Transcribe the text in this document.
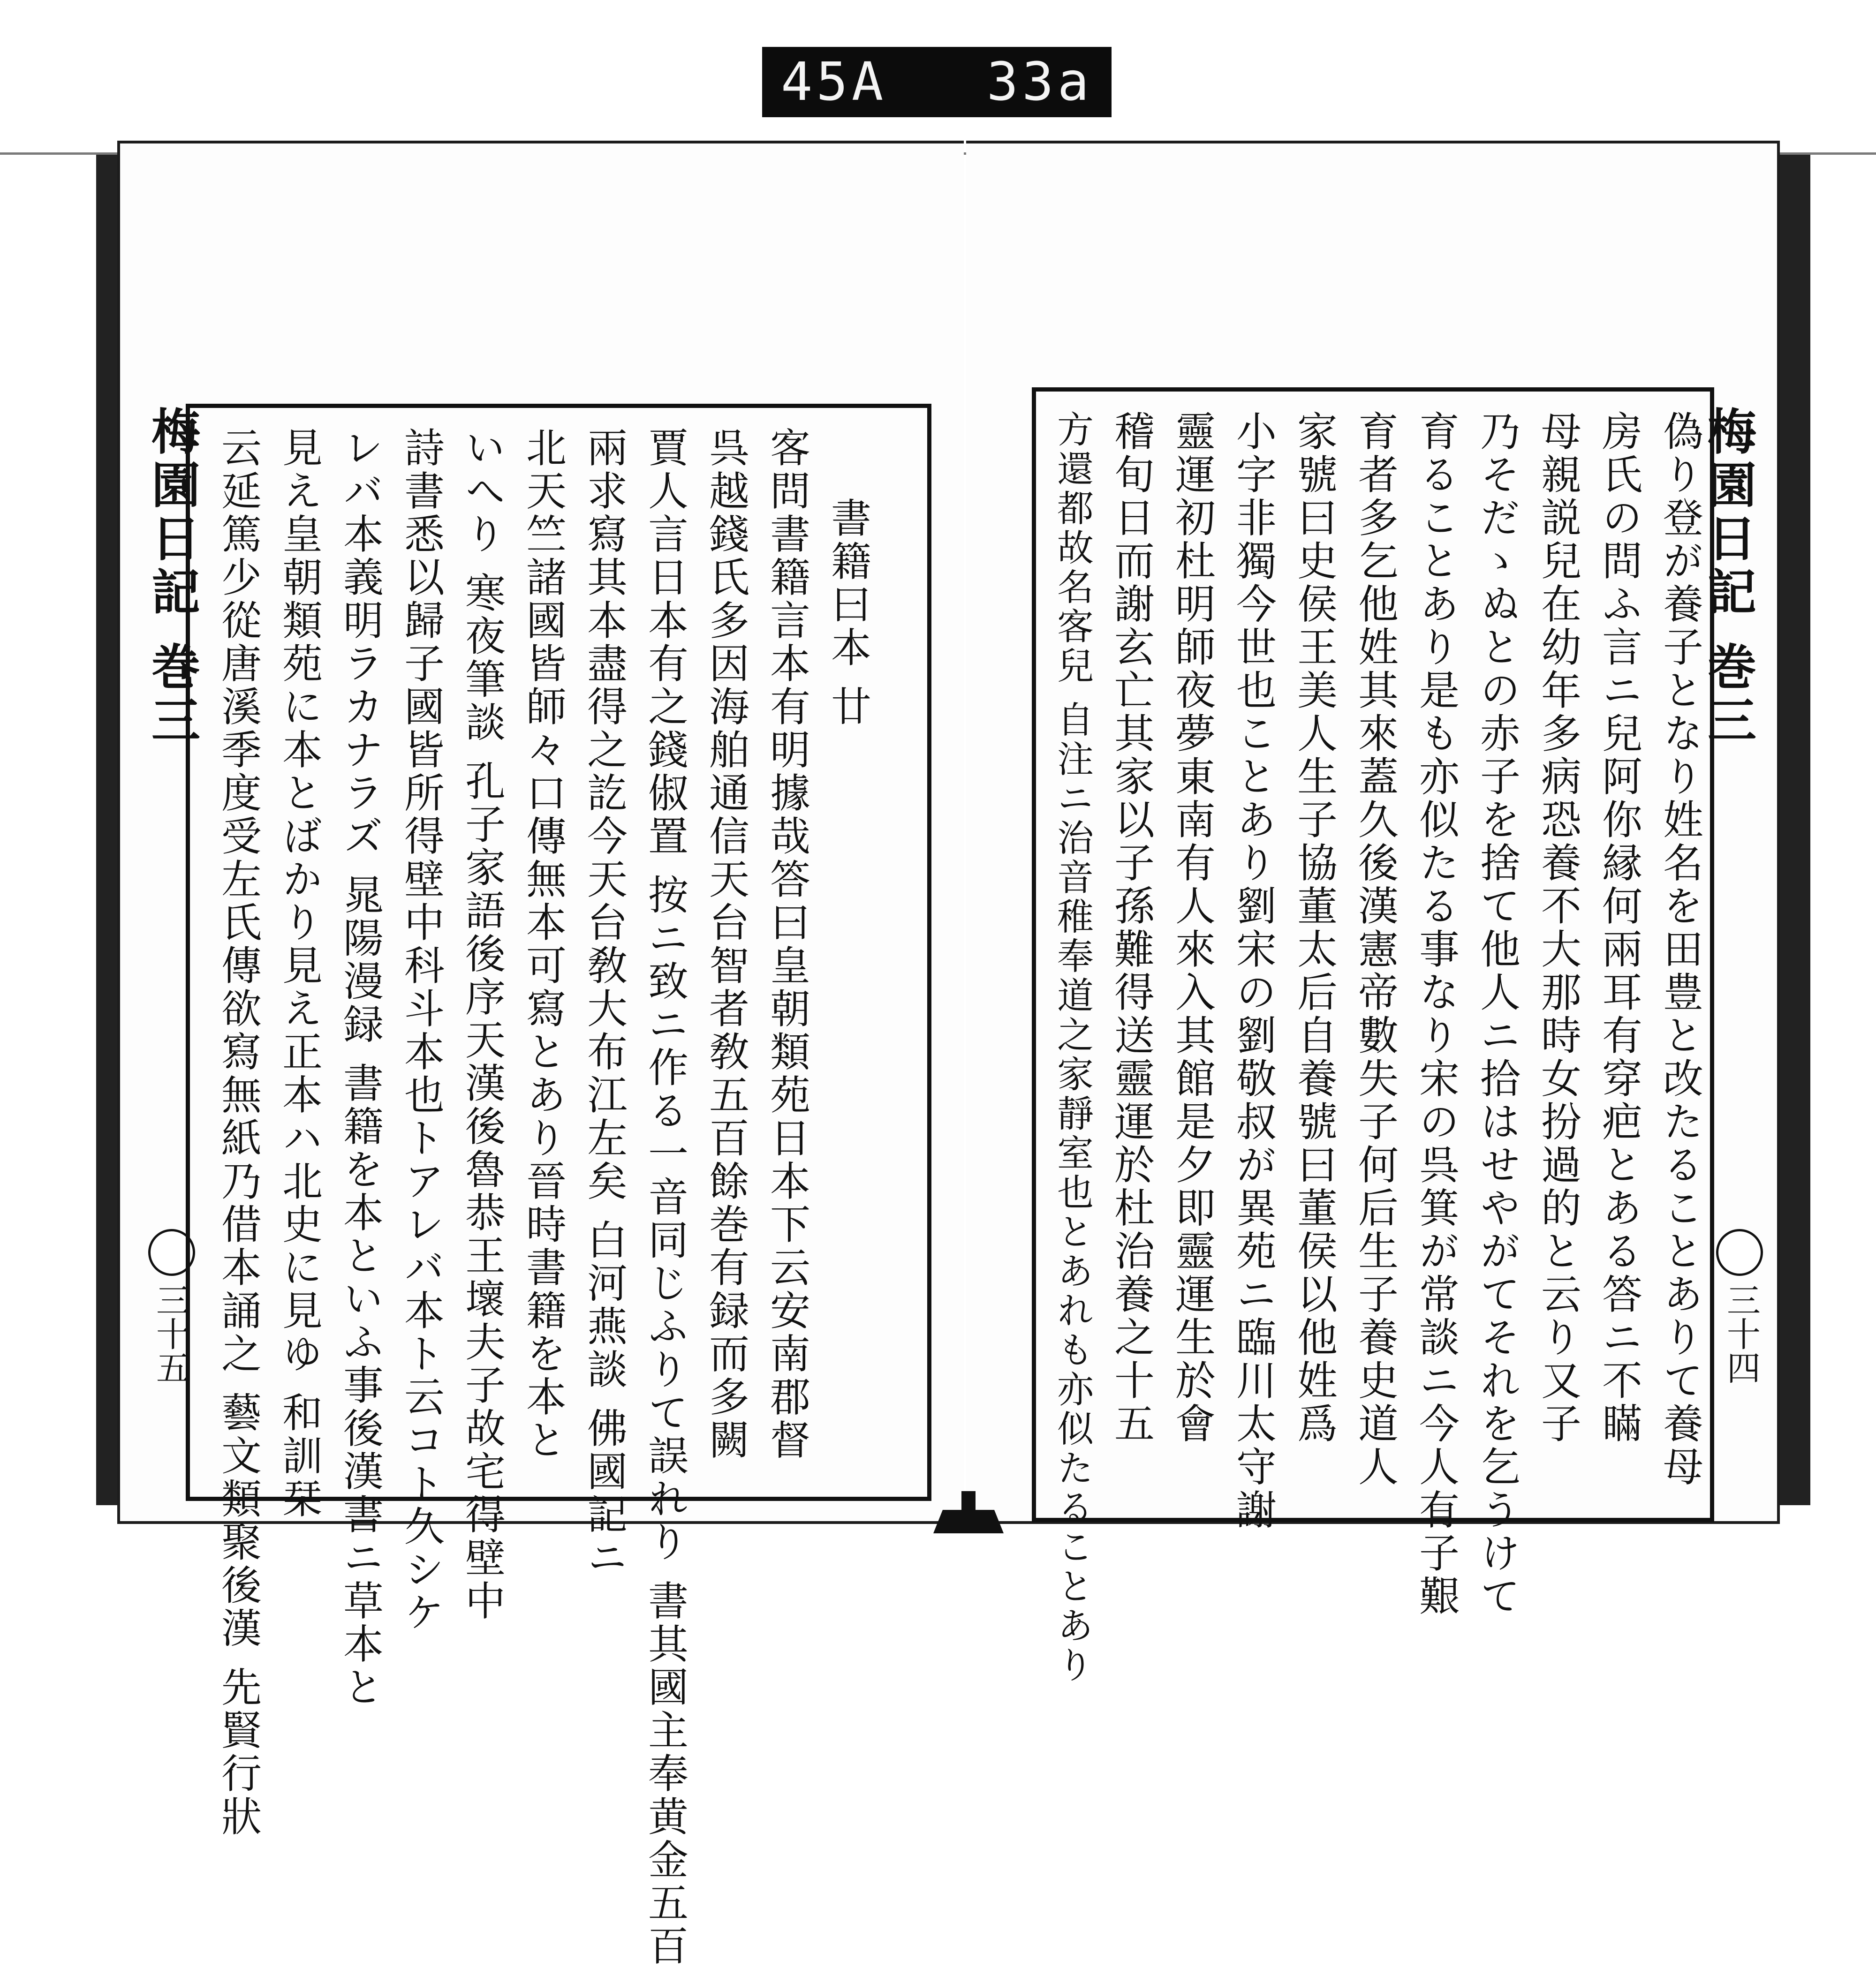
45A 33a
梅園日記 巻三
三十五
書籍曰本 廿
客問書籍言本有明據哉答曰皇朝類苑日本下云安南郡督
呉越錢氏多因海舶通信天台智者敎五百餘巻有録而多闕
賈人言日本有之錢俶置 按ニ致ニ作る一音同じふりて誤れり 書其國主奉黄金五百
兩求寫其本盡得之訖今天台敎大布江左矣 白河燕談 佛國記ニ
北天竺諸國皆師々口傳無本可寫とあり晉時書籍を本と
いへり 寒夜筆談 孔子家語後序天漢後魯恭王壞夫子故宅得壁中
詩書悉以歸子國皆所得壁中科斗本也トアレバ本ト云コト久シケ
レバ本義明ラカナラズ 晁陽漫録 書籍を本といふ事後漢書ニ草本と
見え皇朝類苑に本とばかり見え正本ハ北史に見ゆ 和訓栞
云延篤少從唐溪季度受左氏傳欲寫無紙乃借本誦之 藝文類聚後漢 先賢行狀	梅園日記 巻三
三十四
偽り登が養子となり姓名を田豊と改たることありて養母
房氏の問ふ言ニ兒阿你縁何兩耳有穿疤とある答ニ不瞞
母親説兒在幼年多病恐養不大那時女扮過的と云り又子
乃そだゝぬとの赤子を捨て他人ニ拾はせやがてそれを乞うけて
育ることあり是も亦似たる事なり宋の呉箕が常談ニ今人有子艱
育者多乞他姓其來蓋久後漢憲帝數失子何后生子養史道人
家號曰史侯王美人生子協董太后自養號曰董侯以他姓爲
小字非獨今世也ことあり劉宋の劉敬叔が異苑ニ臨川太守謝
靈運初杜明師夜夢東南有人來入其館是夕即靈運生於會
稽旬日而謝玄亡其家以子孫難得送靈運於杜治養之十五
方還都故名客兒 自注ニ治音稚奉道之家靜室也とあれも亦似たることあり
